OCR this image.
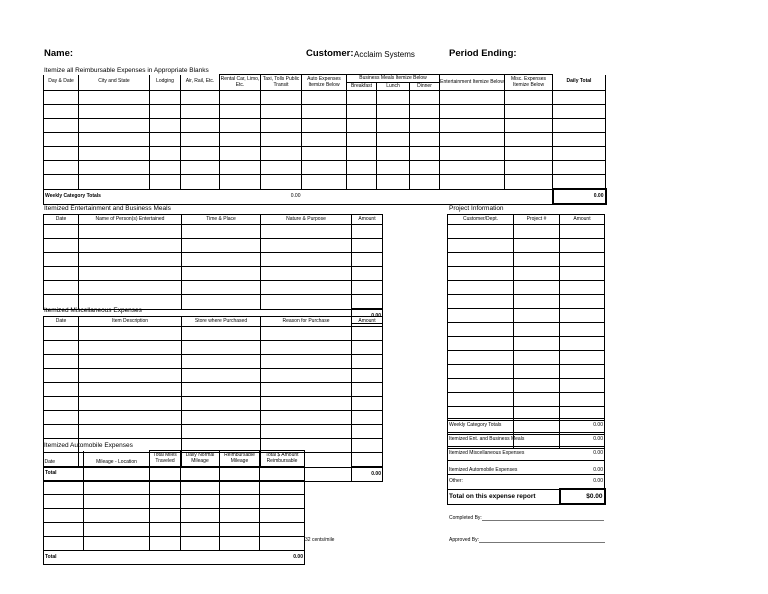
Name:	Customer: Acclaim Systems	Period Ending:
Itemize all Reimbursable Expenses in Appropriate Blanks
Day & Date	City and State	Lodging	Air, Rail, Etc.	Rental Car, Limo, Etc.	Taxi, Tolls Public Transit	Auto Expenses Itemize Below	Business Meals Itemize Below			Entertainment Itemize Below	Misc. Expenses Itemize Below	Daily Total
							Breakfast	Lunch	Dinner			

Weekly Category Totals					0.00							0.00
Itemized Entertainment and Business Meals
Date	Name of Person(s) Entertained	Time & Place	Nature & Purpose	Amount

				0.00
Itemized Miscellaneous Expenses
Date	Item Description	Store where Purchased	Reason for Purchase	Amount

Total				0.00
Itemized Automobile Expenses
Date	Mileage - Location	Total Miles Traveled	Daily Normal Mileage	Reimbursable Mileage	Total $ Amount Reimbursable

Total					0.00
32 cents/mile
Project Information
Customer/Dept.	Project #	Amount

Weekly Category Totals	0.00
Itemized Ent. and Business Meals	0.00
Itemized Miscellaneous Expenses	0.00
Itemized Automobile Expenses	0.00
Other:	0.00
Total on this expense report	$0.00
Completed By:
Approved By:
